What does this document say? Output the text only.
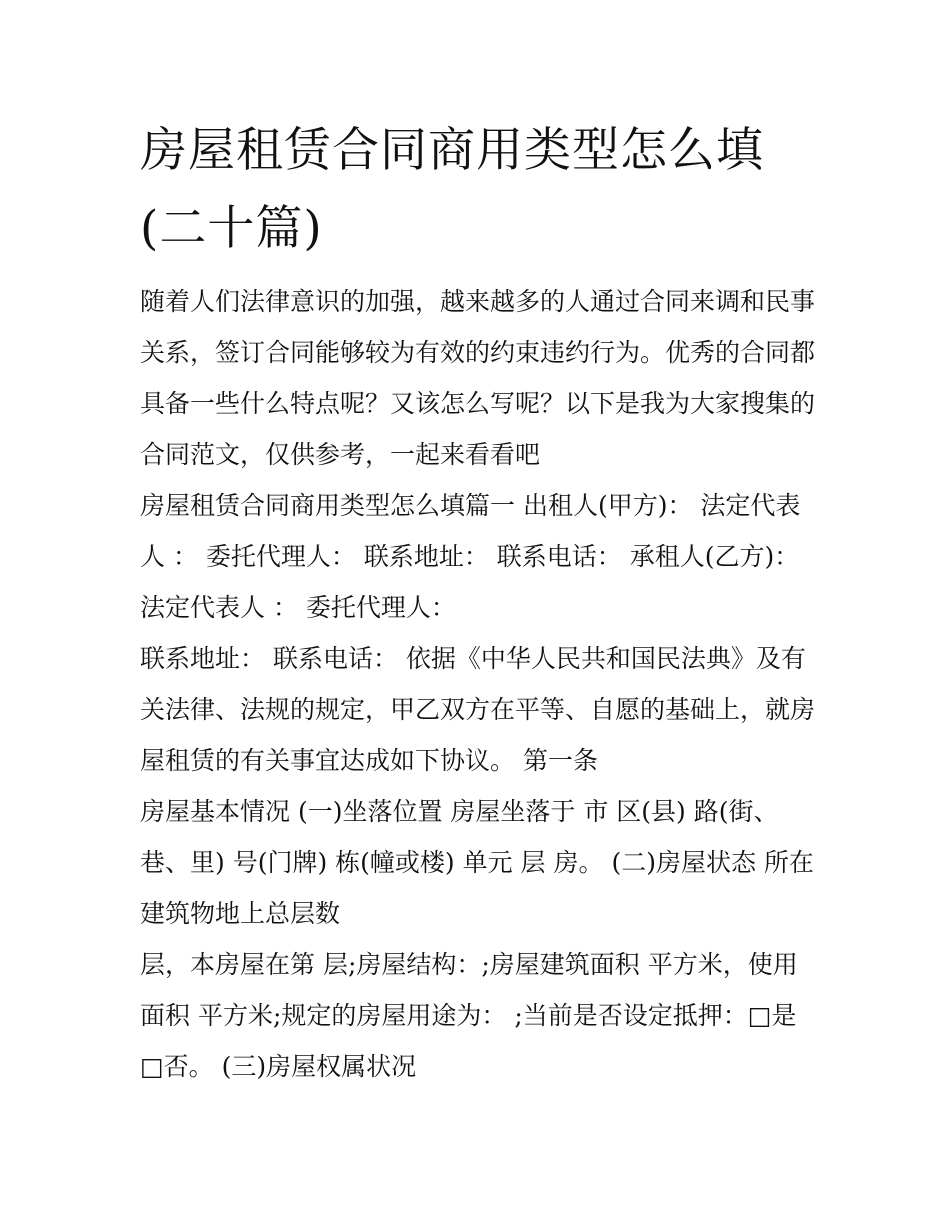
房屋租赁合同商用类型怎么填
(二十篇)
随着人们法律意识的加强，越来越多的人通过合同来调和民事
关系，签订合同能够较为有效的约束违约行为。优秀的合同都
具备一些什么特点呢？又该怎么写呢？以下是我为大家搜集的
合同范文，仅供参考，一起来看看吧
房屋租赁合同商用类型怎么填篇一 出租人(甲方)： 法定代表
人 ： 委托代理人： 联系地址： 联系电话： 承租人(乙方)：
法定代表人 ： 委托代理人：
联系地址： 联系电话： 依据《中华人民共和国民法典》及有
关法律、法规的规定，甲乙双方在平等、自愿的基础上，就房
屋租赁的有关事宜达成如下协议。 第一条
房屋基本情况 (一)坐落位置 房屋坐落于 市 区(县) 路(街、
巷、里) 号(门牌) 栋(幢或楼) 单元 层 房。 (二)房屋状态 所在
建筑物地上总层数
层，本房屋在第 层;房屋结构：;房屋建筑面积 平方米，使用
面积 平方米;规定的房屋用途为： ;当前是否设定抵押：□是
□否。 (三)房屋权属状况
